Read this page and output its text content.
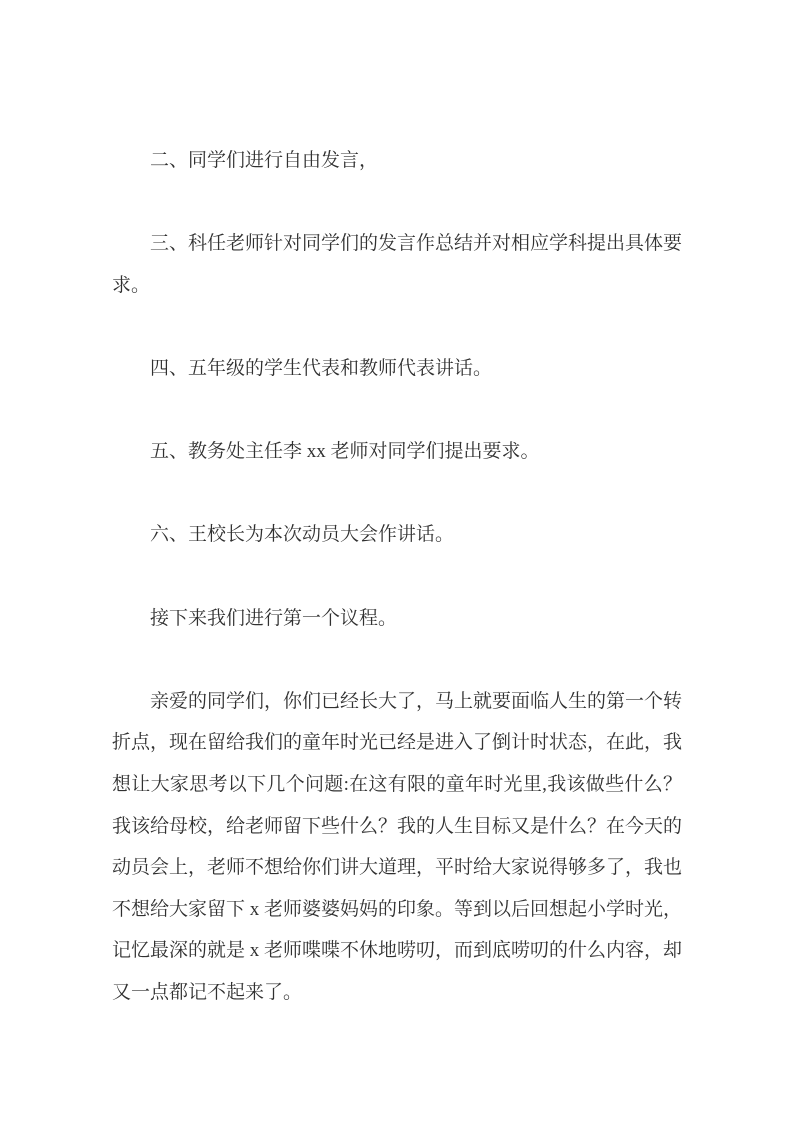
二、同学们进行自由发言，

三、科任老师针对同学们的发言作总结并对相应学科提出具体要求。

四、五年级的学生代表和教师代表讲话。

五、教务处主任李 xx 老师对同学们提出要求。

六、王校长为本次动员大会作讲话。

接下来我们进行第一个议程。

亲爱的同学们，你们已经长大了，马上就要面临人生的第一个转折点，现在留给我们的童年时光已经是进入了倒计时状态，在此，我想让大家思考以下几个问题:在这有限的童年时光里,我该做些什么？我该给母校，给老师留下些什么？我的人生目标又是什么？在今天的动员会上，老师不想给你们讲大道理，平时给大家说得够多了，我也不想给大家留下 x 老师婆婆妈妈的印象。等到以后回想起小学时光，记忆最深的就是 x 老师喋喋不休地唠叨，而到底唠叨的什么内容，却又一点都记不起来了。
